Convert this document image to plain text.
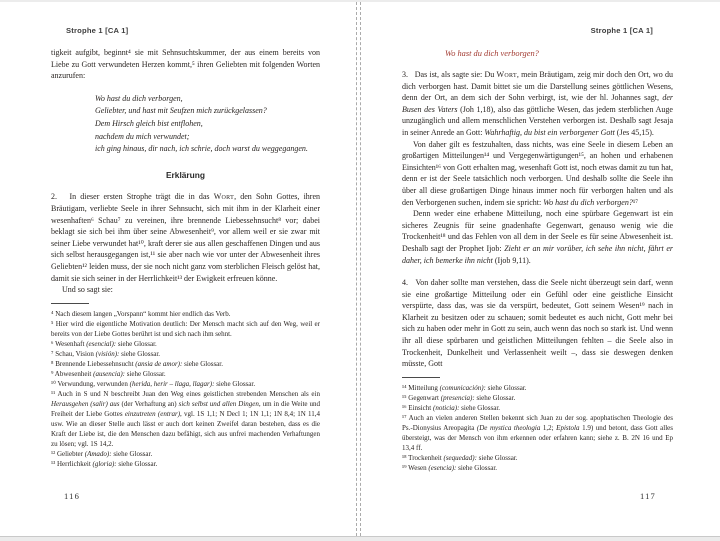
Strophe 1 [CA 1]

tigkeit aufgibt, beginnt⁴ sie mit Sehnsuchtskummer, der aus einem bereits von Liebe zu Gott verwundeten Herzen kommt,⁵ ihren Geliebten mit folgenden Worten anzurufen:

Wo hast du dich verborgen,
Geliebter, und hast mit Seufzen mich zurückgelassen?
Dem Hirsch gleich bist entflohen,
nachdem du mich verwundet;
ich ging hinaus, dir nach, ich schrie, doch warst du weggegangen.
Erklärung

2.   In dieser ersten Strophe trägt die in das Wort, den Sohn Gottes, ihren Bräutigam, verliebte Seele in ihrer Sehnsucht, sich mit ihm in der Klarheit einer wesenhaften⁶ Schau⁷ zu vereinen, ihre brennende Liebessehnsucht⁸ vor; dabei beklagt sie sich bei ihm über seine Abwesenheit⁹, vor allem weil er sie zwar mit seiner Liebe verwundet hat¹⁰, kraft derer sie aus allen geschaffenen Dingen und aus sich selbst herausgegangen ist,¹¹ sie aber nach wie vor unter der Abwesenheit ihres Geliebten¹² leiden muss, der sie noch nicht ganz vom sterblichen Fleisch gelöst hat, damit sie sich seiner in der Herrlichkeit¹³ der Ewigkeit erfreuen könne.

Und so sagt sie:

⁴ Nach diesem langen „Vorspann“ kommt hier endlich das Verb.
⁵ Hier wird die eigentliche Motivation deutlich: Der Mensch macht sich auf den Weg, weil er bereits von der Liebe Gottes berührt ist und sich nach ihm sehnt.
⁶ Wesenhaft (esencial): siehe Glossar.
⁷ Schau, Vision (visión): siehe Glossar.
⁸ Brennende Liebessehnsucht (ansia de amor): siehe Glossar.
⁹ Abwesenheit (ausencia): siehe Glossar.
¹⁰ Verwundung, verwunden (herida, herir – llaga, llagar): siehe Glossar.
¹¹ Auch in S und N beschreibt Juan den Weg eines geistlichen strebenden Menschen als ein Herausgehen (salir) aus (der Verhaftung an) sich selbst und allen Dingen, um in die Weite und Freiheit der Liebe Gottes einzutreten (entrar), vgl. 1S 1,1; N Decl 1; 1N 1,1; 1N 8,4; 1N 11,4 usw. Wie an dieser Stelle auch lässt er auch dort keinen Zweifel daran bestehen, dass es die Kraft der Liebe ist, die den Menschen dazu befähigt, sich aus unfrei machenden Verhaftungen zu lösen; vgl. 1S 14,2.
¹² Geliebter (Amado): siehe Glossar.
¹³ Herrlichkeit (gloria): siehe Glossar.
Strophe 1 [CA 1]
Wo hast du dich verborgen?

3.   Das ist, als sagte sie: Du Wort, mein Bräutigam, zeig mir doch den Ort, wo du dich verborgen hast. Damit bittet sie um die Darstellung seines göttlichen Wesens, denn der Ort, an dem sich der Sohn verbirgt, ist, wie der hl. Johannes sagt, der Busen des Vaters (Joh 1,18), also das göttliche Wesen, das jedem sterblichen Auge unzugänglich und allem menschlichen Verstehen verborgen ist. Deshalb sagt Jesaja in seiner Anrede an Gott: Wahrhaftig, du bist ein verborgener Gott (Jes 45,15).

Von daher gilt es festzuhalten, dass nichts, was eine Seele in diesem Leben an großartigen Mitteilungen¹⁴ und Vergegenwärtigungen¹⁵, an hohen und erhabenen Einsichten¹⁶ von Gott erhalten mag, wesenhaft Gott ist, noch etwas damit zu tun hat, denn er ist der Seele tatsächlich noch verborgen. Und deshalb sollte die Seele ihn über all diese großartigen Dinge hinaus immer noch für verborgen halten und als den Verborgenen suchen, indem sie spricht: Wo hast du dich verborgen?¹⁷

Denn weder eine erhabene Mitteilung, noch eine spürbare Gegenwart ist ein sicheres Zeugnis für seine gnadenhafte Gegenwart, genauso wenig wie die Trockenheit¹⁸ und das Fehlen von all dem in der Seele es für seine Abwesenheit ist. Deshalb sagt der Prophet Ijob: Zieht er an mir vorüber, ich sehe ihn nicht, fährt er daher, ich bemerke ihn nicht (Ijob 9,11).

4.   Von daher sollte man verstehen, dass die Seele nicht überzeugt sein darf, wenn sie eine großartige Mitteilung oder ein Gefühl oder eine geistliche Einsicht verspürte, dass das, was sie da verspürt, bedeutet, Gott seinem Wesen¹⁹ nach in Klarheit zu besitzen oder zu schauen; somit bedeutet es auch nicht, Gott mehr bei sich zu haben oder mehr in Gott zu sein, auch wenn das noch so stark ist. Und wenn ihr all diese spürbaren und geistlichen Mitteilungen fehlten – die Seele also in Trockenheit, Dunkelheit und Verlassenheit weilt –, dass sie deswegen denken müsste, Gott

¹⁴ Mitteilung (comunicación): siehe Glossar.
¹⁵ Gegenwart (presencia): siehe Glossar.
¹⁶ Einsicht (noticia): siehe Glossar.
¹⁷ Auch an vielen anderen Stellen bekennt sich Juan zu der sog. apophatischen Theologie des Ps.-Dionysius Areopagita (De mystica theologia 1,2; Epistola 1.9) und betont, dass Gott alles übersteigt, was der Mensch von ihm erkennen oder erfahren kann; siehe z. B. 2N 16 und Ep 13,4 ff.
¹⁸ Trockenheit (sequedad): siehe Glossar.
¹⁹ Wesen (esencia): siehe Glossar.
116	117
